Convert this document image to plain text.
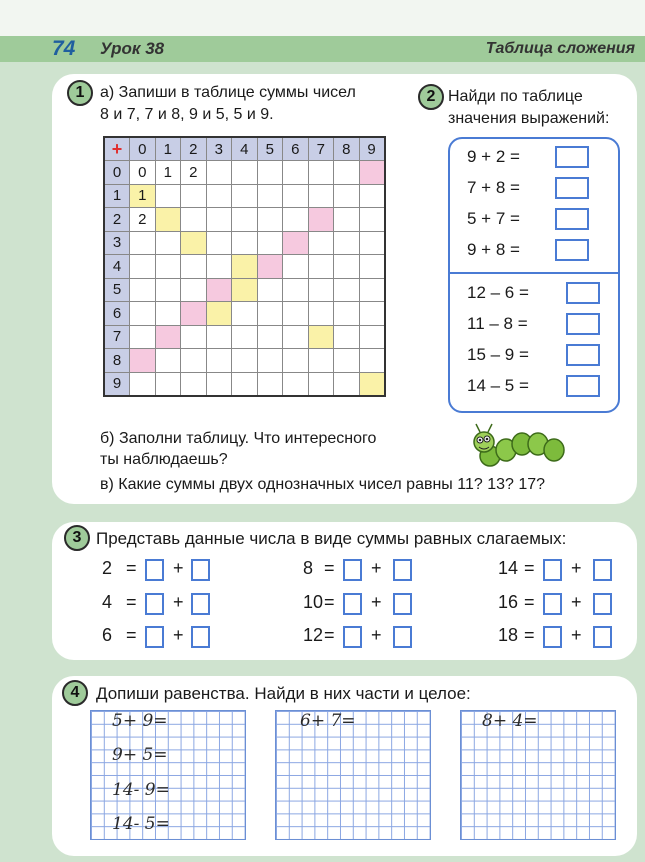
74 Урок 38	Таблица сложения
1 а) Запиши в таблице суммы чисел
8 и 7, 7 и 8, 9 и 5, 5 и 9.
+	0	1	2	3	4	5	6	7	8	9
0	0	1	2							
1	1									
2	2									
3										
4										
5										
6										
7										
8										
9										
б) Заполни таблицу. Что интересного
ты наблюдаешь?
в) Какие суммы двух однозначных чисел равны 11? 13? 17?
2 Найди по таблице
значения выражений:
9 + 2 =
7 + 8 =
5 + 7 =
9 + 8 =
12 – 6 =
11 – 8 =
15 – 9 =
14 – 5 =
3 Представь данные числа в виде суммы равных слагаемых:
2 = +
4 = +
6 = +
8 = +
10 = +
12 = +
14 = +
16 = +
18 = +
4 Допиши равенства. Найди в них части и целое:
5+ 9=
9+ 5=
14- 9=
14- 5=
6+ 7=	8+ 4=
